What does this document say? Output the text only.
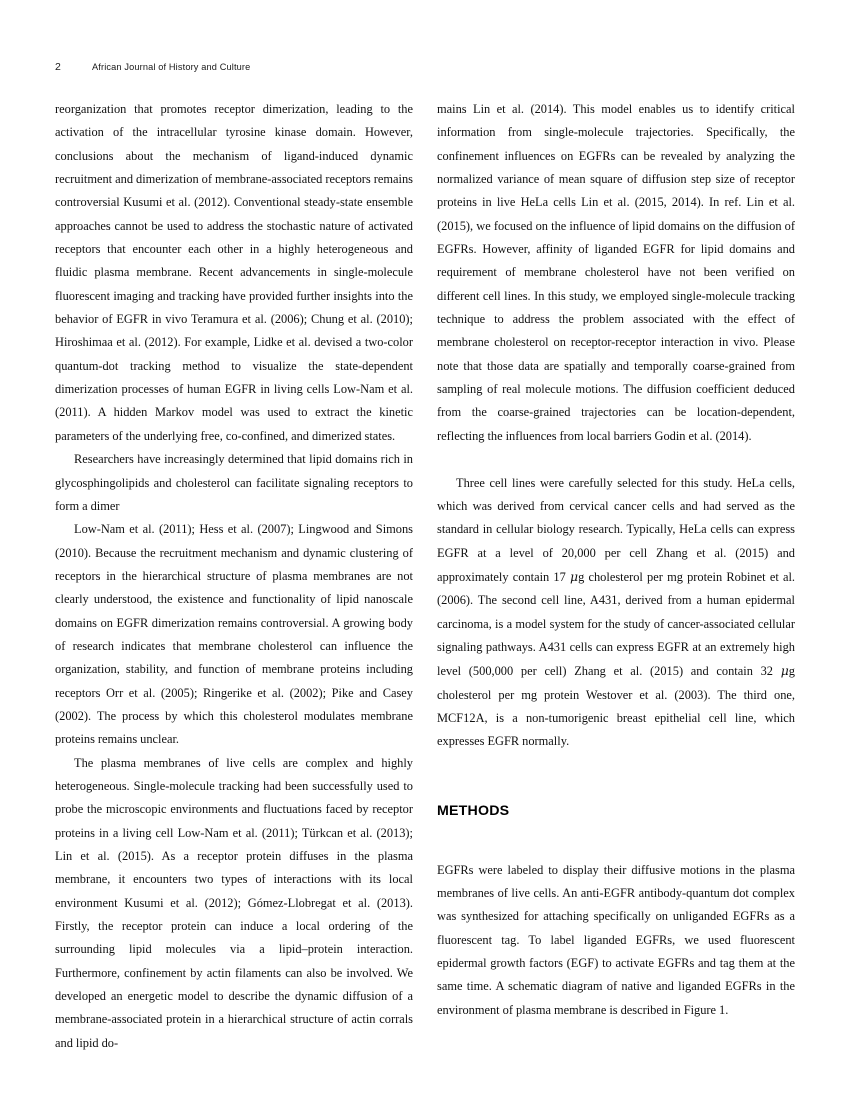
2	African Journal of History and Culture

reorganization that promotes receptor dimerization, leading to the activation of the intracellular tyrosine kinase domain. However, conclusions about the mechanism of ligand-induced dynamic recruitment and dimerization of membrane-associated receptors remains controversial Kusumi et al. (2012). Conventional steady-state ensemble approaches cannot be used to address the stochastic nature of activated receptors that encounter each other in a highly heterogeneous and fluidic plasma membrane. Recent advancements in single-molecule fluorescent imaging and tracking have provided further insights into the behavior of EGFR in vivo Teramura et al. (2006); Chung et al. (2010); Hiroshimaa et al. (2012). For example, Lidke et al. devised a two-color quantum-dot tracking method to visualize the state-dependent dimerization processes of human EGFR in living cells Low-Nam et al. (2011). A hidden Markov model was used to extract the kinetic parameters of the underlying free, co-confined, and dimerized states.

Researchers have increasingly determined that lipid domains rich in glycosphingolipids and cholesterol can facilitate signaling receptors to form a dimer

Low-Nam et al. (2011); Hess et al. (2007); Lingwood and Simons (2010). Because the recruitment mechanism and dynamic clustering of receptors in the hierarchical structure of plasma membranes are not clearly understood, the existence and functionality of lipid nanoscale domains on EGFR dimerization remains controversial. A growing body of research indicates that membrane cholesterol can influence the organization, stability, and function of membrane proteins including receptors Orr et al. (2005); Ringerike et al. (2002); Pike and Casey (2002). The process by which this cholesterol modulates membrane proteins remains unclear.

The plasma membranes of live cells are complex and highly heterogeneous. Single-molecule tracking had been successfully used to probe the microscopic environments and fluctuations faced by receptor proteins in a living cell Low-Nam et al. (2011); Türkcan et al. (2013); Lin et al. (2015). As a receptor protein diffuses in the plasma membrane, it encounters two types of interactions with its local environment Kusumi et al. (2012); Gómez-Llobregat et al. (2013). Firstly, the receptor protein can induce a local ordering of the surrounding lipid molecules via a lipid–protein interaction. Furthermore, confinement by actin filaments can also be involved. We developed an energetic model to describe the dynamic diffusion of a membrane-associated protein in a hierarchical structure of actin corrals and lipid do-

mains Lin et al. (2014). This model enables us to identify critical information from single-molecule trajectories. Specifically, the confinement influences on EGFRs can be revealed by analyzing the normalized variance of mean square of diffusion step size of receptor proteins in live HeLa cells Lin et al. (2015, 2014). In ref. Lin et al. (2015), we focused on the influence of lipid domains on the diffusion of EGFRs. However, affinity of liganded EGFR for lipid domains and requirement of membrane cholesterol have not been verified on different cell lines. In this study, we employed single-molecule tracking technique to address the problem associated with the effect of membrane cholesterol on receptor-receptor interaction in vivo. Please note that those data are spatially and temporally coarse-grained from sampling of real molecule motions. The diffusion coefficient deduced from the coarse-grained trajectories can be location-dependent, reflecting the influences from local barriers Godin et al. (2014).

Three cell lines were carefully selected for this study. HeLa cells, which was derived from cervical cancer cells and had served as the standard in cellular biology research. Typically, HeLa cells can express EGFR at a level of 20,000 per cell Zhang et al. (2015) and approximately contain 17 μg cholesterol per mg protein Robinet et al. (2006). The second cell line, A431, derived from a human epidermal carcinoma, is a model system for the study of cancer-associated cellular signaling pathways. A431 cells can express EGFR at an extremely high level (500,000 per cell) Zhang et al. (2015) and contain 32 μg cholesterol per mg protein Westover et al. (2003). The third one, MCF12A, is a non-tumorigenic breast epithelial cell line, which expresses EGFR normally.

METHODS

EGFRs were labeled to display their diffusive motions in the plasma membranes of live cells. An anti-EGFR antibody-quantum dot complex was synthesized for attaching specifically on unliganded EGFRs as a fluorescent tag. To label liganded EGFRs, we used fluorescent epidermal growth factors (EGF) to activate EGFRs and tag them at the same time. A schematic diagram of native and liganded EGFRs in the environment of plasma membrane is described in Figure 1.
